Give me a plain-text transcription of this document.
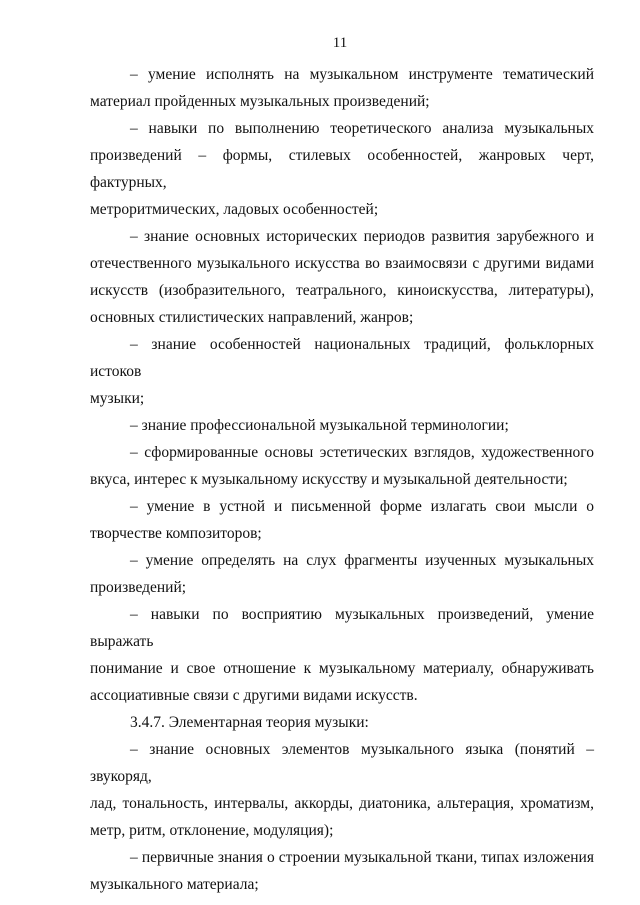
11
– умение исполнять на музыкальном инструменте тематический
материал пройденных музыкальных произведений;
– навыки по выполнению теоретического анализа музыкальных
произведений – формы, стилевых особенностей, жанровых черт, фактурных,
метроритмических, ладовых особенностей;
– знание основных исторических периодов развития зарубежного и
отечественного музыкального искусства во взаимосвязи с другими видами
искусств (изобразительного, театрального, киноискусства, литературы),
основных стилистических направлений, жанров;
– знание особенностей национальных традиций, фольклорных истоков
музыки;
– знание профессиональной музыкальной терминологии;
– сформированные основы эстетических взглядов, художественного
вкуса, интерес к музыкальному искусству и музыкальной деятельности;
– умение в устной и письменной форме излагать свои мысли о
творчестве композиторов;
– умение определять на слух фрагменты изученных музыкальных
произведений;
– навыки по восприятию музыкальных произведений, умение выражать
понимание и свое отношение к музыкальному материалу, обнаруживать
ассоциативные связи с другими видами искусств.
3.4.7. Элементарная теория музыки:
– знание основных элементов музыкального языка (понятий – звукоряд,
лад, тональность, интервалы, аккорды, диатоника, альтерация, хроматизм,
метр, ритм, отклонение, модуляция);
– первичные знания о строении музыкальной ткани, типах изложения
музыкального материала;
